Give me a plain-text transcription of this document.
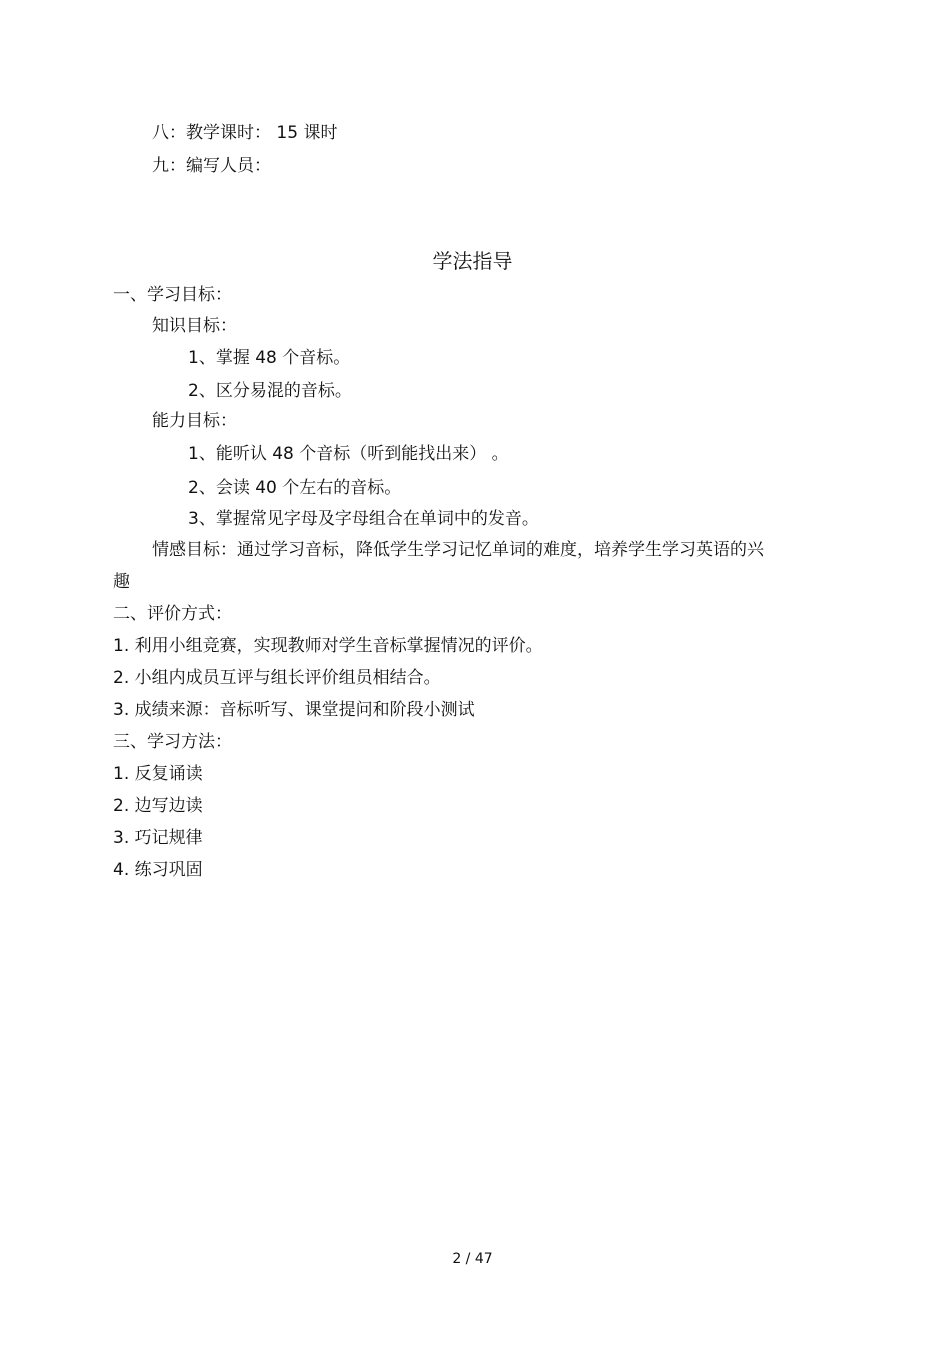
八：教学课时： 15 课时
九：编写人员：
学法指导
一、学习目标：
知识目标：
1、掌握 48 个音标。
2、区分易混的音标。
能力目标：
1、能听认 48 个音标（听到能找出来） 。
2、会读 40 个左右的音标。
3、掌握常见字母及字母组合在单词中的发音。
情感目标：通过学习音标，降低学生学习记忆单词的难度，培养学生学习英语的兴
趣
二、评价方式：
1. 利用小组竞赛，实现教师对学生音标掌握情况的评价。
2. 小组内成员互评与组长评价组员相结合。
3. 成绩来源：音标听写、课堂提问和阶段小测试
三、学习方法：
1. 反复诵读
2. 边写边读
3. 巧记规律
4. 练习巩固
2 / 47
